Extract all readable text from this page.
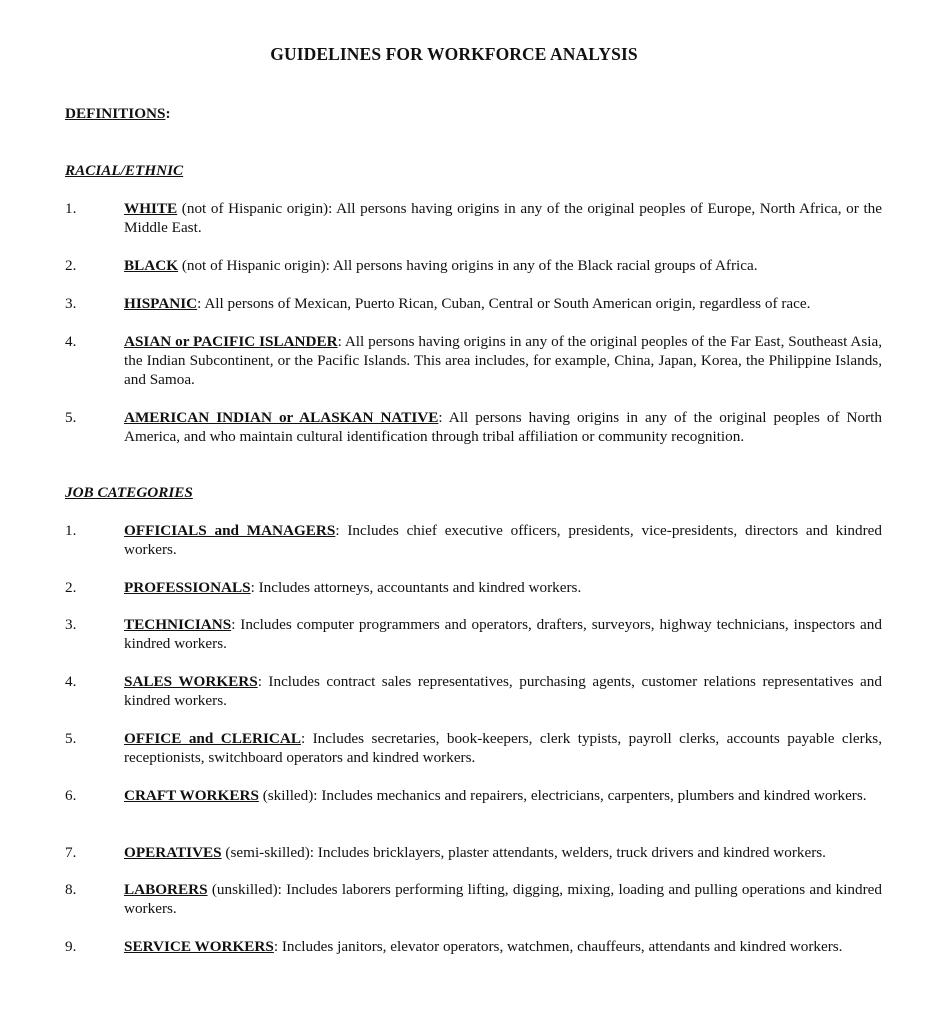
GUIDELINES FOR WORKFORCE ANALYSIS
DEFINITIONS:
RACIAL/ETHNIC
1.	WHITE (not of Hispanic origin): All persons having origins in any of the original peoples of Europe, North Africa, or the Middle East.
2.	BLACK (not of Hispanic origin): All persons having origins in any of the Black racial groups of Africa.
3.	HISPANIC: All persons of Mexican, Puerto Rican, Cuban, Central or South American origin, regardless of race.
4.	ASIAN or PACIFIC ISLANDER: All persons having origins in any of the original peoples of the Far East, Southeast Asia, the Indian Subcontinent, or the Pacific Islands. This area includes, for example, China, Japan, Korea, the Philippine Islands, and Samoa.
5.	AMERICAN INDIAN or ALASKAN NATIVE: All persons having origins in any of the original peoples of North America, and who maintain cultural identification through tribal affiliation or community recognition.
JOB CATEGORIES
1.	OFFICIALS and MANAGERS: Includes chief executive officers, presidents, vice-presidents, directors and kindred workers.
2.	PROFESSIONALS: Includes attorneys, accountants and kindred workers.
3.	TECHNICIANS: Includes computer programmers and operators, drafters, surveyors, highway technicians, inspectors and kindred workers.
4.	SALES WORKERS: Includes contract sales representatives, purchasing agents, customer relations representatives and kindred workers.
5.	OFFICE and CLERICAL: Includes secretaries, book-keepers, clerk typists, payroll clerks, accounts payable clerks, receptionists, switchboard operators and kindred workers.
6.	CRAFT WORKERS (skilled): Includes mechanics and repairers, electricians, carpenters, plumbers and kindred workers.
7.	OPERATIVES (semi-skilled): Includes bricklayers, plaster attendants, welders, truck drivers and kindred workers.
8.	LABORERS (unskilled): Includes laborers performing lifting, digging, mixing, loading and pulling operations and kindred workers.
9.	SERVICE WORKERS: Includes janitors, elevator operators, watchmen, chauffeurs, attendants and kindred workers.
